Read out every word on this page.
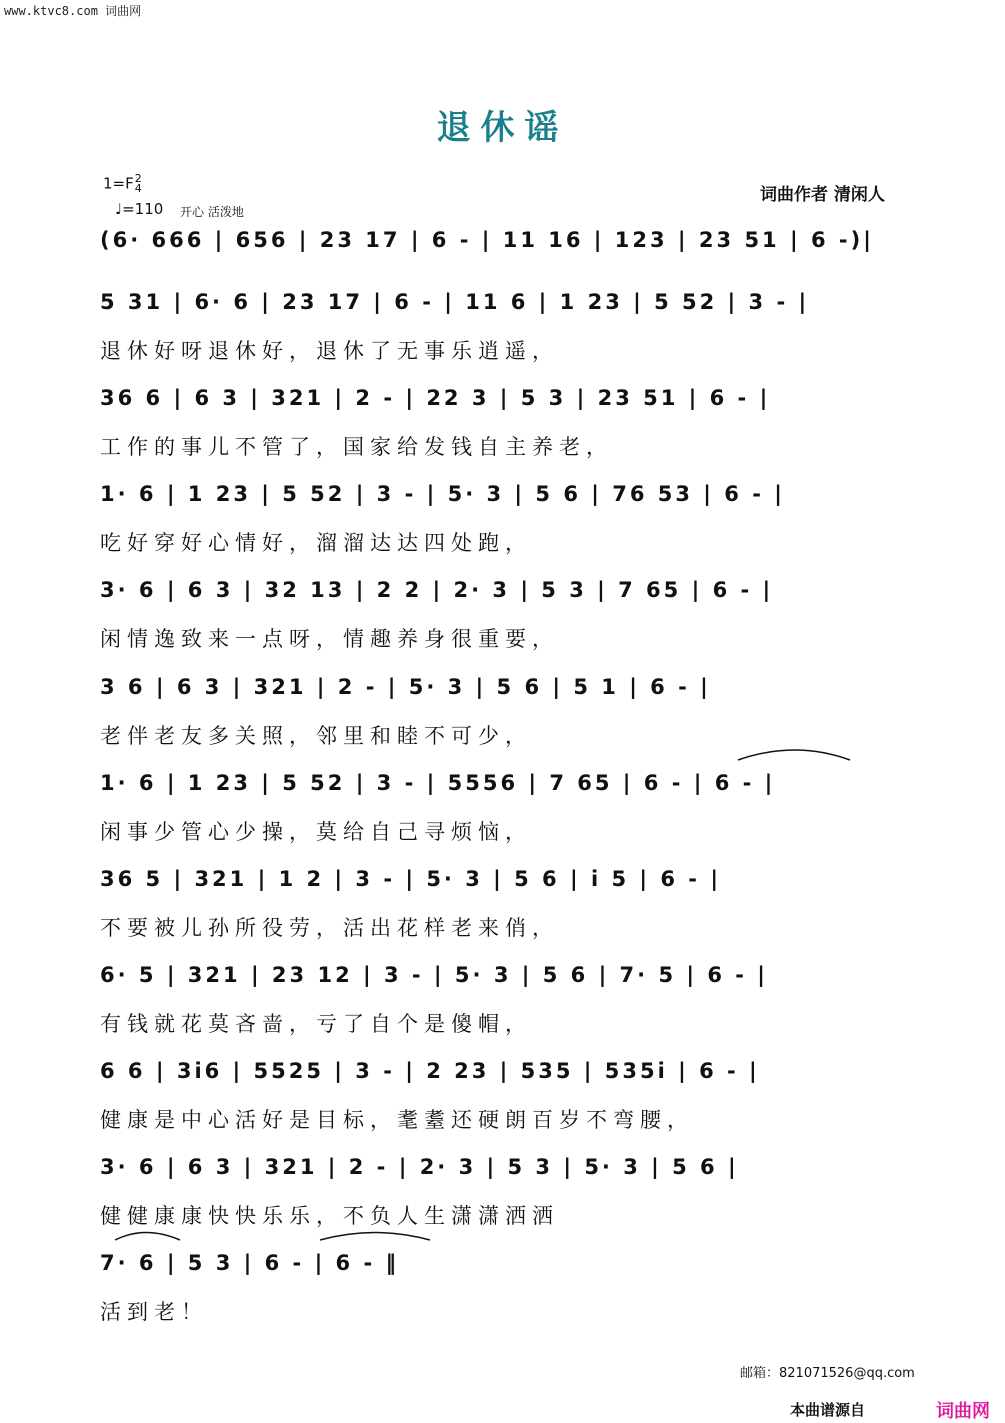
www.ktvc8.com 词曲网
退休谣
1=F2
4
♩=110 开心 活泼地
词曲作者 清闲人
(6· 666 | 656 | 23 17 | 6 - | 11 16 | 123 | 23 51 | 6 -)|
5 31 | 6· 6 | 23 17 | 6 - | 11 6 | 1 23 | 5 52 | 3 - |
退休好呀退休好，退休了无事乐逍遥，
36 6 | 6 3 | 321 | 2 - | 22 3 | 5 3 | 23 51 | 6 - |
工作的事儿不管了，国家给发钱自主养老，
1· 6 | 1 23 | 5 52 | 3 - | 5· 3 | 5 6 | 76 53 | 6 - |
吃好穿好心情好，溜溜达达四处跑，
3· 6 | 6 3 | 32 13 | 2 2 | 2· 3 | 5 3 | 7 65 | 6 - |
闲情逸致来一点呀，情趣养身很重要，
3 6 | 6 3 | 321 | 2 - | 5· 3 | 5 6 | 5 1 | 6 - |
老伴老友多关照，邻里和睦不可少，
1· 6 | 1 23 | 5 52 | 3 - | 5556 | 7 65 | 6 - | 6 - |
闲事少管心少操，莫给自己寻烦恼，
36 5 | 321 | 1 2 | 3 - | 5· 3 | 5 6 | i 5 | 6 - |
不要被儿孙所役劳，活出花样老来俏，
6· 5 | 321 | 23 12 | 3 - | 5· 3 | 5 6 | 7· 5 | 6 - |
有钱就花莫吝啬，亏了自个是傻帽，
6 6 | 3i6 | 5525 | 3 - | 2 23 | 535 | 535i | 6 - |
健康是中心活好是目标，耄耋还硬朗百岁不弯腰，
3· 6 | 6 3 | 321 | 2 - | 2· 3 | 5 3 | 5· 3 | 5 6 |
健健康康快快乐乐，不负人生潇潇洒洒
7· 6 | 5 3 | 6 - | 6 - ‖
活到老！
邮箱：821071526@qq.com
本曲谱源自	词曲网
